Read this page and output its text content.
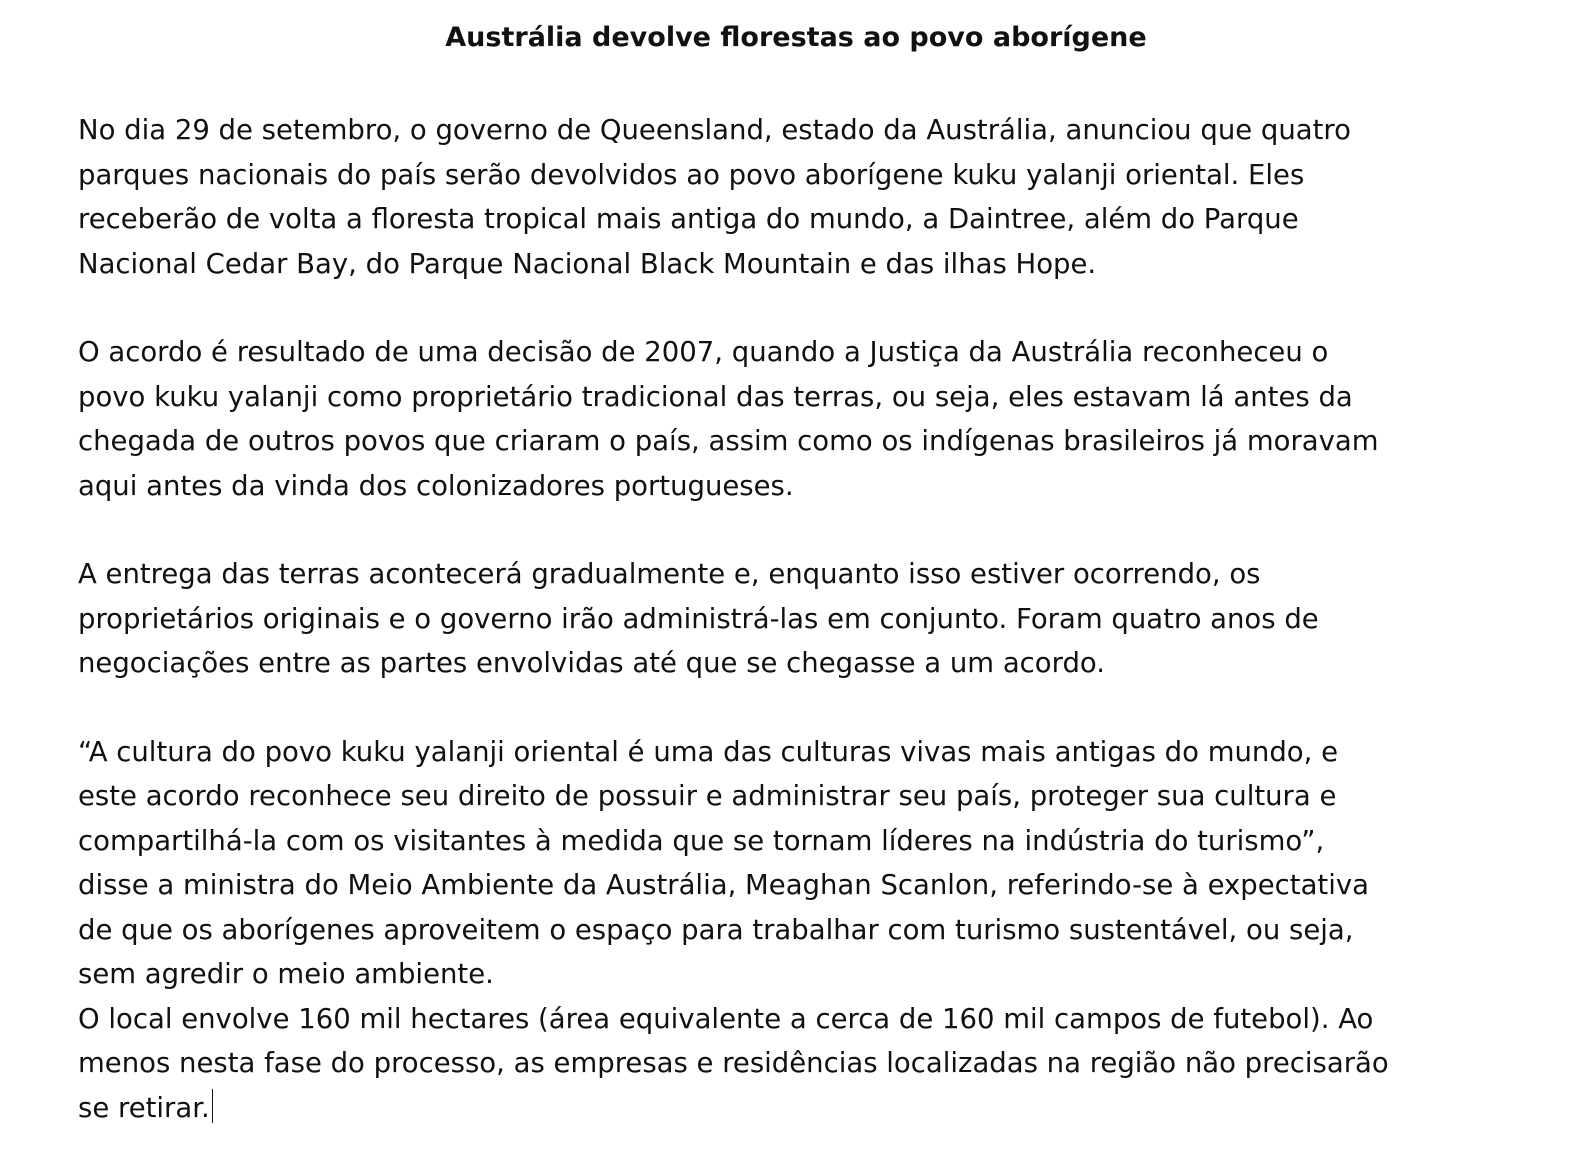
Austrália devolve florestas ao povo aborígene

No dia 29 de setembro, o governo de Queensland, estado da Austrália, anunciou que quatro
parques nacionais do país serão devolvidos ao povo aborígene kuku yalanji oriental. Eles
receberão de volta a floresta tropical mais antiga do mundo, a Daintree, além do Parque
Nacional Cedar Bay, do Parque Nacional Black Mountain e das ilhas Hope.

O acordo é resultado de uma decisão de 2007, quando a Justiça da Austrália reconheceu o
povo kuku yalanji como proprietário tradicional das terras, ou seja, eles estavam lá antes da
chegada de outros povos que criaram o país, assim como os indígenas brasileiros já moravam
aqui antes da vinda dos colonizadores portugueses.

A entrega das terras acontecerá gradualmente e, enquanto isso estiver ocorrendo, os
proprietários originais e o governo irão administrá-las em conjunto. Foram quatro anos de
negociações entre as partes envolvidas até que se chegasse a um acordo.

“A cultura do povo kuku yalanji oriental é uma das culturas vivas mais antigas do mundo, e
este acordo reconhece seu direito de possuir e administrar seu país, proteger sua cultura e
compartilhá-la com os visitantes à medida que se tornam líderes na indústria do turismo”,
disse a ministra do Meio Ambiente da Austrália, Meaghan Scanlon, referindo-se à expectativa
de que os aborígenes aproveitem o espaço para trabalhar com turismo sustentável, ou seja,
sem agredir o meio ambiente.

O local envolve 160 mil hectares (área equivalente a cerca de 160 mil campos de futebol). Ao
menos nesta fase do processo, as empresas e residências localizadas na região não precisarão
se retirar.
